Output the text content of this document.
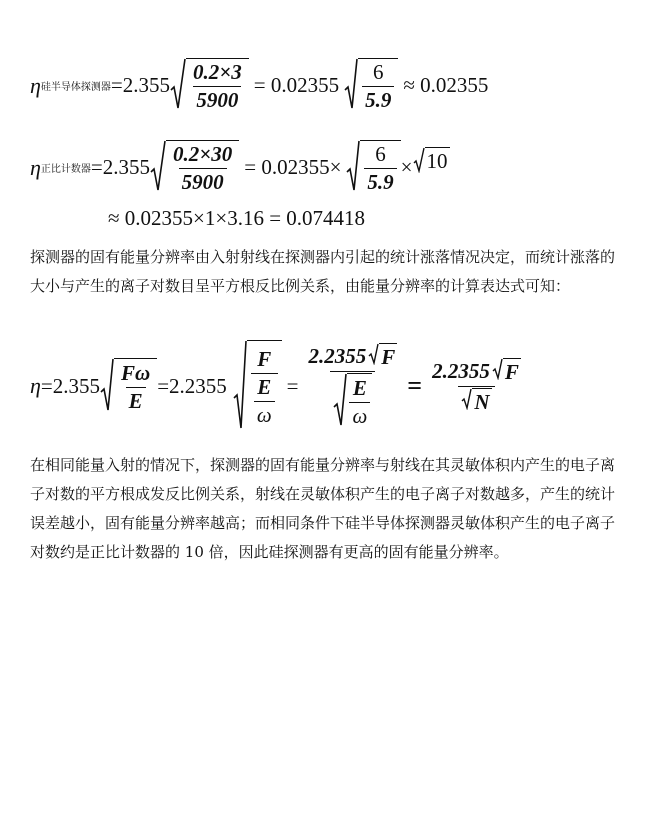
η 硅半导体探测器 $=2.355 \frac{0.2\times 3}{5900} = 0.02355 \frac{6}{5.9} \approx 0.02355$
η 正比计数器 $=2.355 \frac{0.2\times 30}{5900} = 0.02355\times \frac{6}{5.9} \times 10$
≈ 0.02355×1×3.16 = 0.074418

探测器的固有能量分辨率由入射射线在探测器内引起的统计涨落情况决定，而统计涨落的大小与产生的离子对数目呈平方根反比例关系，由能量分辨率的计算表达式可知：

$\eta =2.355 \frac{F\omega}{E} =2.2355 \frac{F}{\frac{E}{\omega}} = \frac{2.2355 F}{\frac{E}{\omega}} = \frac{2.2355 F}{N}$

在相同能量入射的情况下，探测器的固有能量分辨率与射线在其灵敏体积内产生的电子离子对数的平方根成发反比例关系，射线在灵敏体积产生的电子离子对数越多，产生的统计误差越小，固有能量分辨率越高；而相同条件下硅半导体探测器灵敏体积产生的电子离子对数约是正比计数器的 10 倍，因此硅探测器有更高的固有能量分辨率。
